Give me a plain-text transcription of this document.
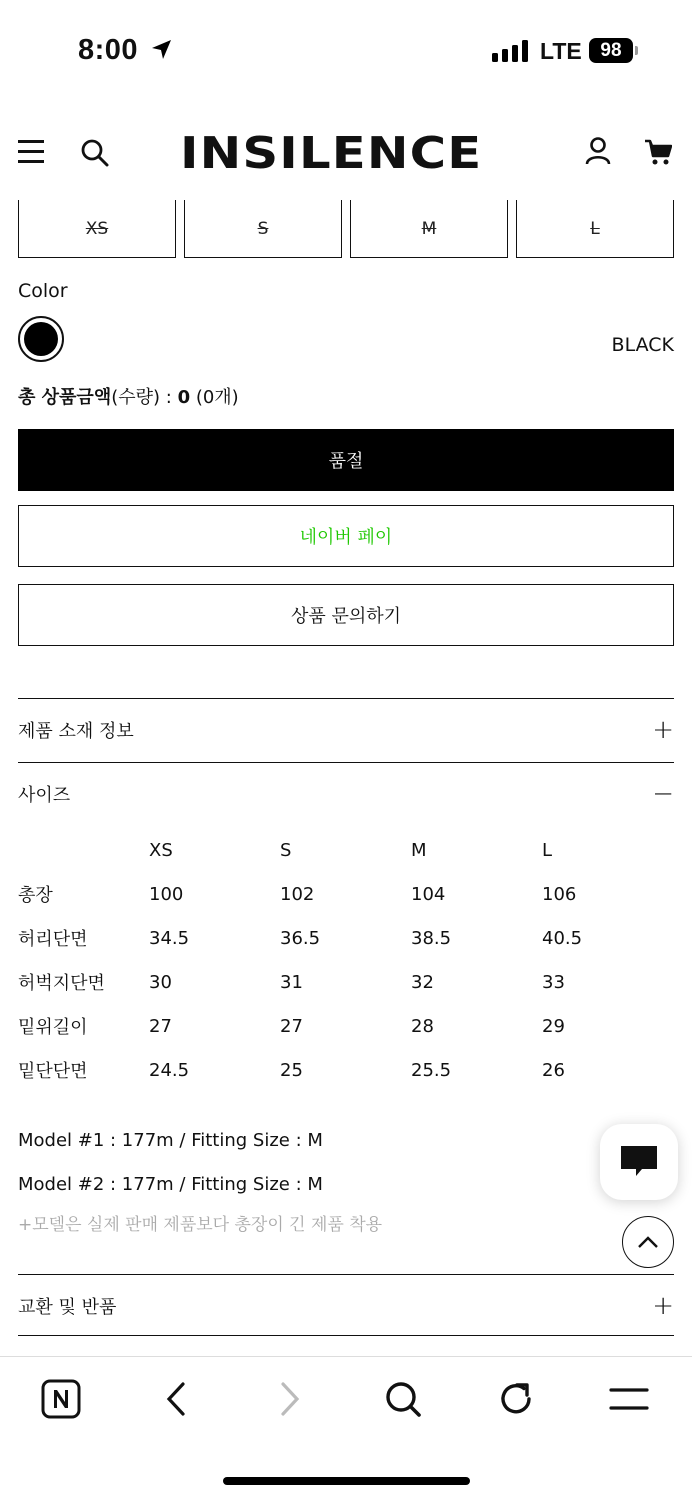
8:00	LTE 98
INSILENCE
XS	S	M	L
Color
BLACK
총 상품금액(수량) : 0 (0개)
품절
네이버 페이
상품 문의하기
제품 소재 정보	+
사이즈	−
XS	S	M	L
총장	100	102	104	106
허리단면	34.5	36.5	38.5	40.5
허벅지단면	30	31	32	33
밑위길이	27	27	28	29
밑단단면	24.5	25	25.5	26
Model #1 : 177m / Fitting Size : M
Model #2 : 177m / Fitting Size : M
+모델은 실제 판매 제품보다 총장이 긴 제품 착용
교환 및 반품	+
